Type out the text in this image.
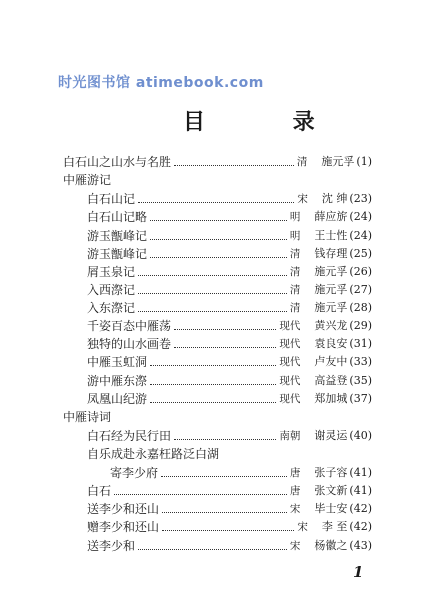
时光图书馆 atimebook.com
目 录
白石山之山水与名胜	清 施元孚 (1)
中雁游记
白石山记	宋 沈 绅 (23)
白石山记略	明 薛应旂 (24)
游玉甑峰记	明 王士性 (24)
游玉甑峰记	清 钱存理 (25)
屑玉泉记	清 施元孚 (26)
入西漈记	清 施元孚 (27)
入东漈记	清 施元孚 (28)
千姿百态中雁荡	现代 黄兴龙 (29)
独特的山水画卷	现代 袁良安 (31)
中雁玉虹洞	现代 卢友中 (33)
游中雁东漈	现代 高益登 (35)
凤凰山纪游	现代 郑加城 (37)
中雁诗词
白石经为民行田	南朝 谢灵运 (40)
自乐成赴永嘉枉路泛白湖
寄李少府	唐 张子容 (41)
白石	唐 张文新 (41)
送李少和还山	宋 毕士安 (42)
赠李少和还山	宋 李 至 (42)
送李少和	宋 杨徽之 (43)
1
